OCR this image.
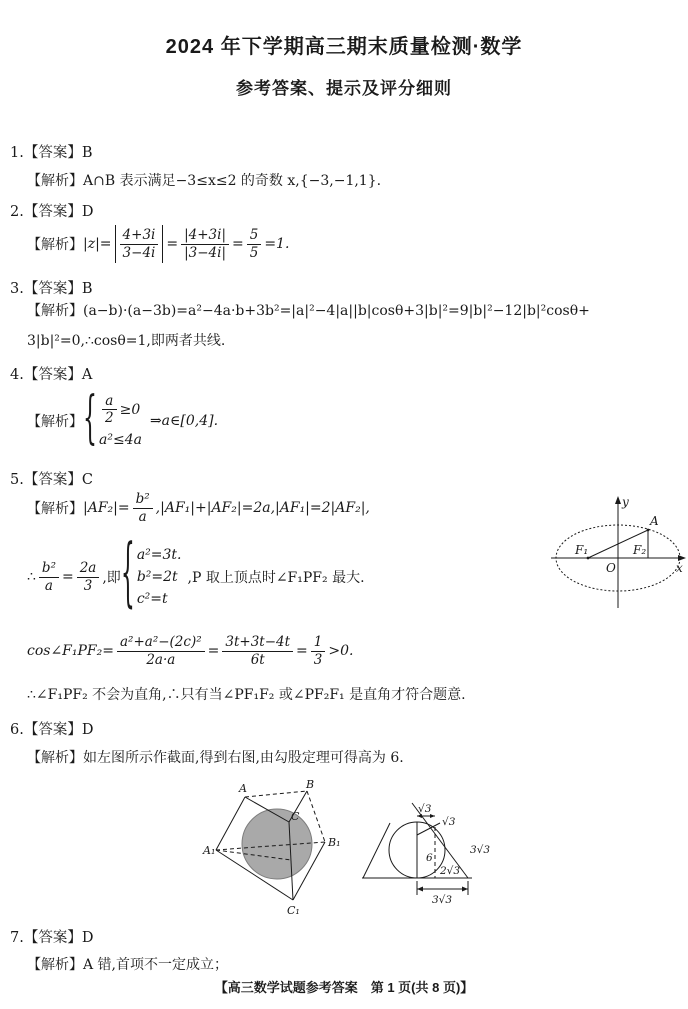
2024 年下学期高三期末质量检测·数学
参考答案、提示及评分细则
1.【答案】B
【解析】A∩B 表示满足−3≤x≤2 的奇数 x,{−3,−1,1}.
2.【答案】D
【解析】 $|z|= \frac{4+3i}{3-4i} = \frac{|4+3i|}{|3-4i|} = \frac{5}{5} =1$.
3.【答案】B
【解析】(a−b)·(a−3b)=a²−4a·b+3b²=|a|²−4|a||b|cosθ+3|b|²=9|b|²−12|b|²cosθ+
3|b|²=0,∴cosθ=1,即两者共线.
4.【答案】A
【解析】 { $\frac{a}{2} \ge 0$
a²≤4a
⇒a∈[0,4].
5.【答案】C
【解析】 $|AF_2|= \frac{\text{b²}}{a} ,|AF_1|+|AF_2|=2a,|AF_1|=2|AF_2|$,
∴ $\frac{\text{b²}}{a} = \frac{2a}{3}$ ,即 { a²=3t.
b²=2t
c²=t
,P 取上顶点时∠F₁PF₂ 最大.
y
x
O
F₁	F₂
A
cos∠F₁PF₂= $\frac{\text{a²+a²−(2c)²}}{2a\cdot a} = \frac{3t+3t-4t}{6t} = \frac{1}{3} >0$.
∴∠F₁PF₂ 不会为直角,∴只有当∠PF₁F₂ 或∠PF₂F₁ 是直角才符合题意.
6.【答案】D
【解析】如左图所示作截面,得到右图,由勾股定理可得高为 6.
A	B
C
A₁
B₁
C₁
√3
√3
3√3
6
2√3
3√3
7.【答案】D
【解析】A 错,首项不一定成立；
【高三数学试题参考答案　第 1 页(共 8 页)】
